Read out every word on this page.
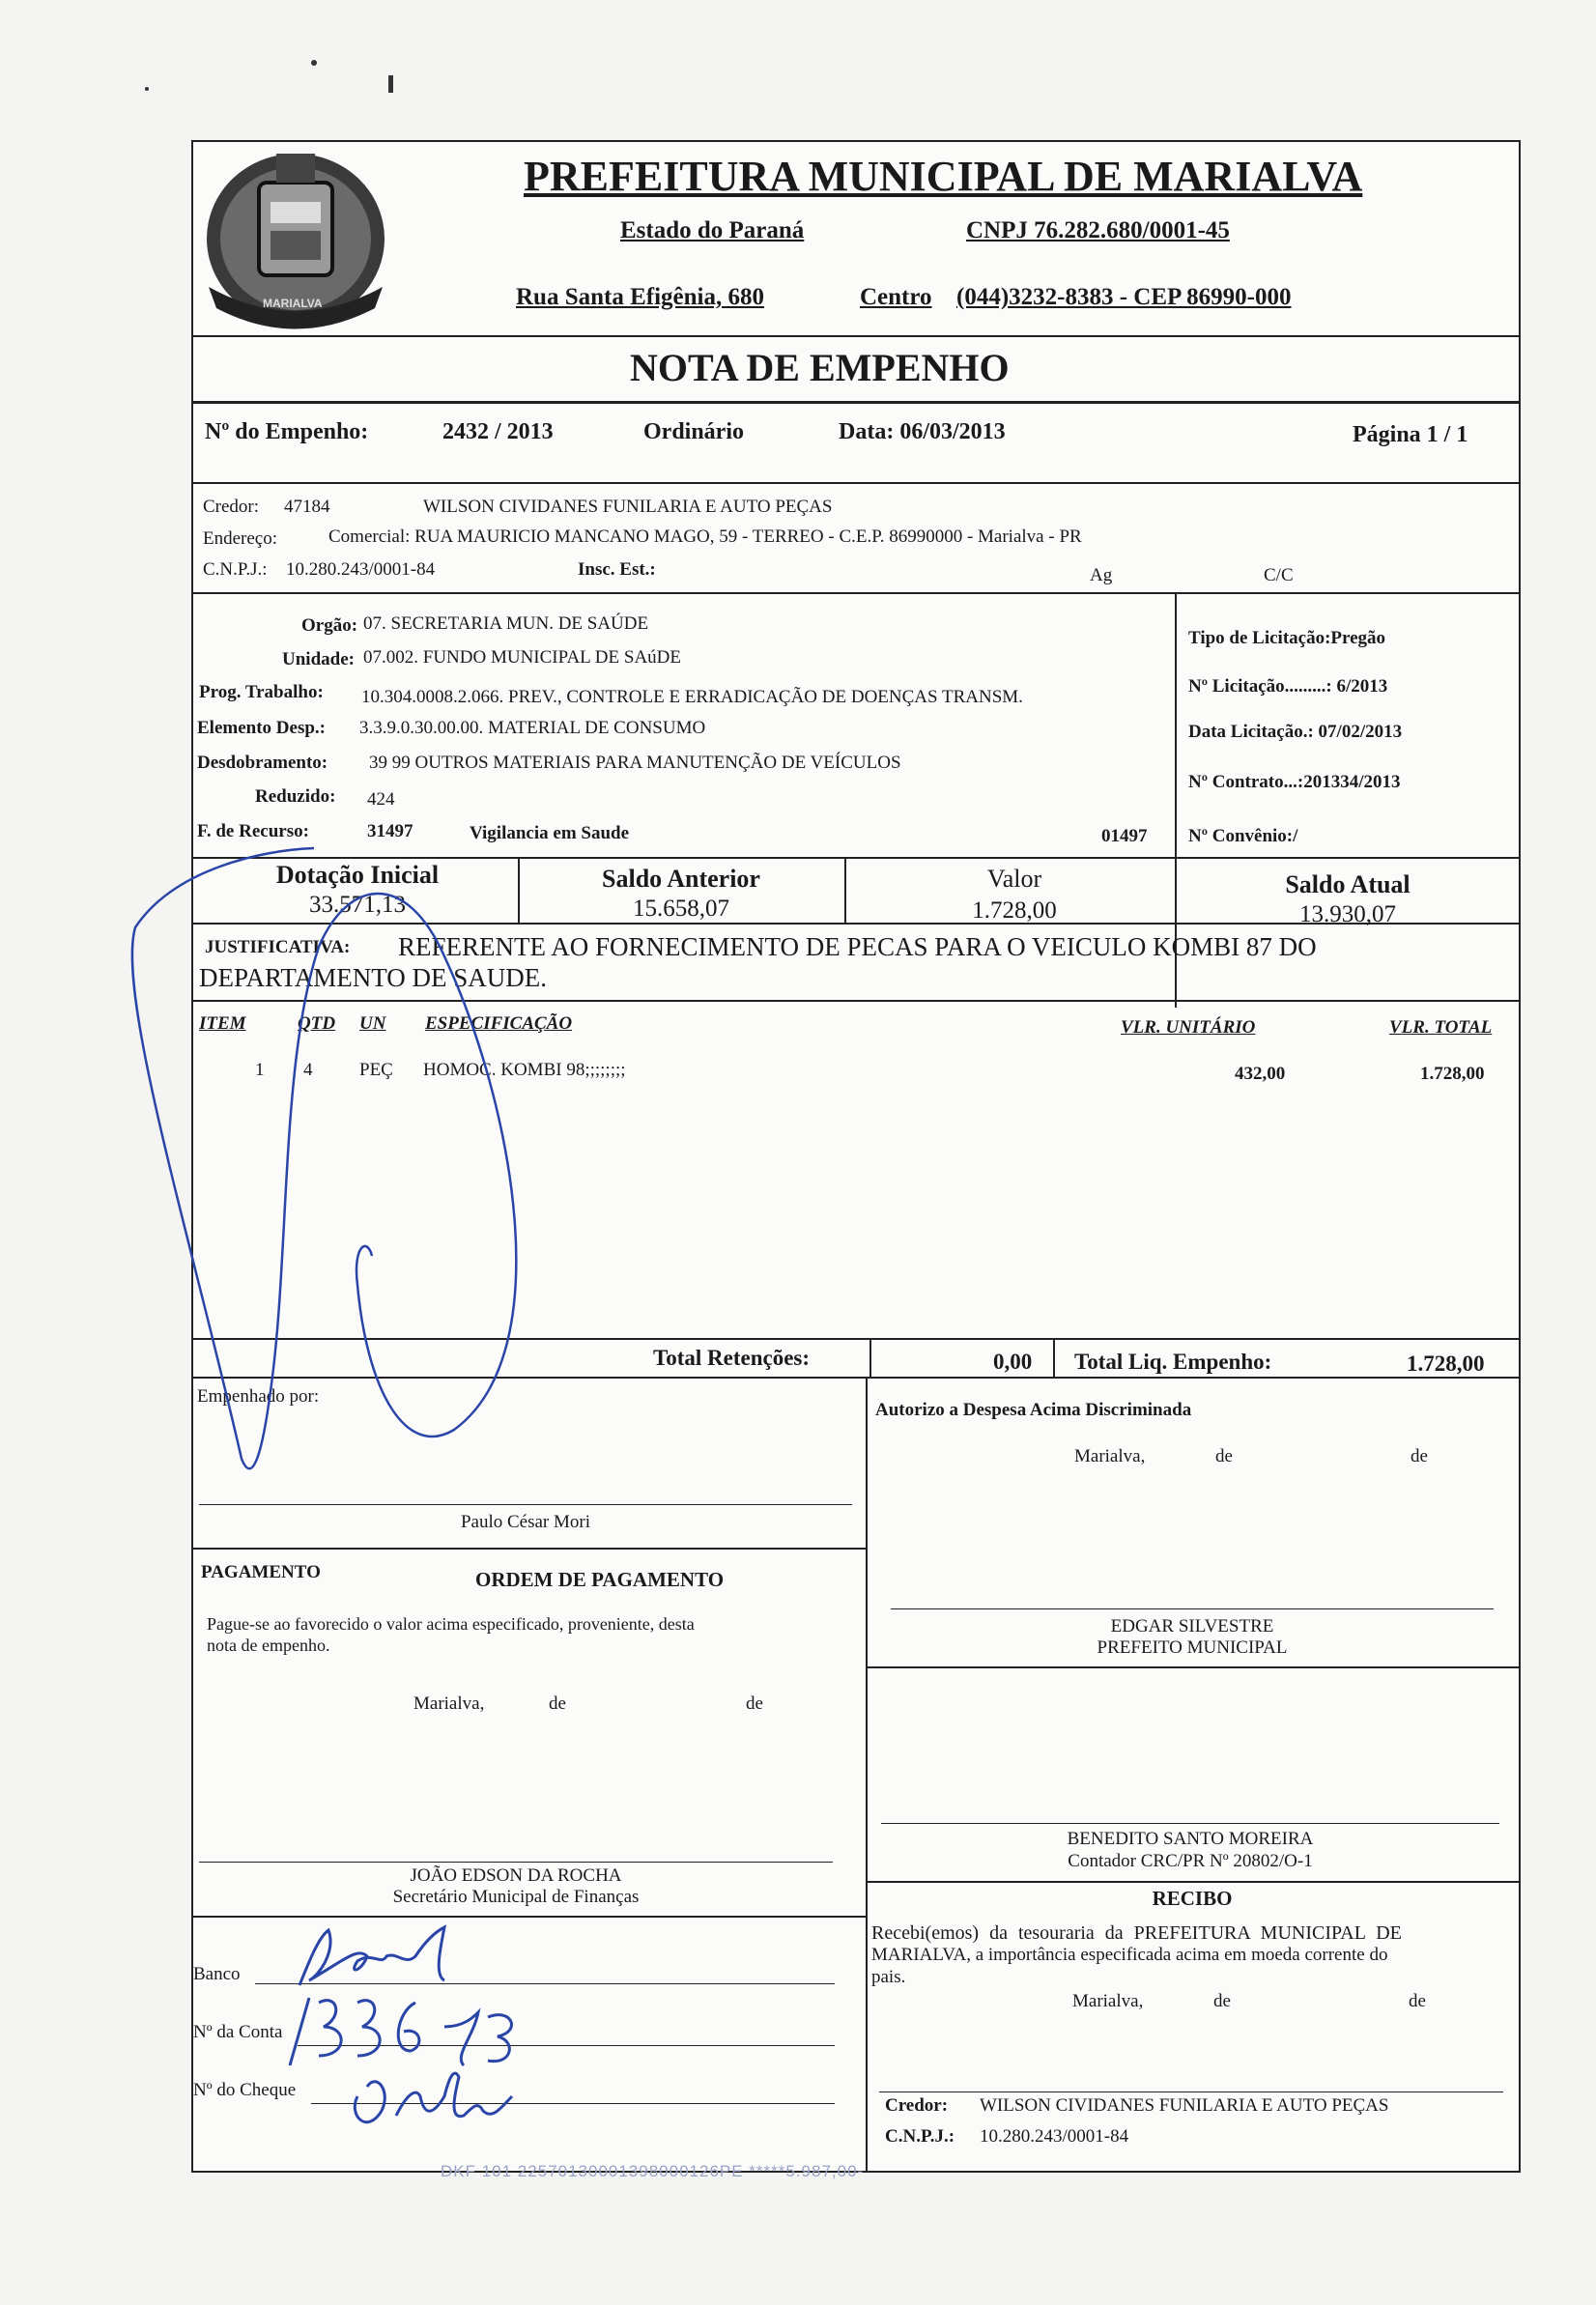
MARIALVA
PREFEITURA MUNICIPAL DE MARIALVA
Estado do Paraná	CNPJ 76.282.680/0001-45
Rua Santa Efigênia, 680	Centro (044)3232-8383 - CEP 86990-000
NOTA DE EMPENHO
Nº do Empenho:	2432 / 2013	Ordinário	Data: 06/03/2013	Página 1 / 1
Credor: 47184	WILSON CIVIDANES FUNILARIA E AUTO PEÇAS
Endereço:	Comercial: RUA MAURICIO MANCANO MAGO, 59 - TERREO - C.E.P. 86990000 - Marialva - PR
C.N.P.J.: 10.280.243/0001-84	Insc. Est.:	Ag	C/C
Orgão: 07. SECRETARIA MUN. DE SAÚDE
Unidade: 07.002. FUNDO MUNICIPAL DE SAúDE
Prog. Trabalho: 10.304.0008.2.066. PREV., CONTROLE E ERRADICAÇÃO DE DOENÇAS TRANSM.
Elemento Desp.: 3.3.9.0.30.00.00. MATERIAL DE CONSUMO
Desdobramento: 39 99 OUTROS MATERIAIS PARA MANUTENÇÃO DE VEÍCULOS
Reduzido: 424
F. de Recurso:	31497	Vigilancia em Saude	01497
Tipo de Licitação:Pregão
Nº Licitação.........: 6/2013
Data Licitação.: 07/02/2013
Nº Contrato...:201334/2013
Nº Convênio:/
Dotação Inicial
33.571,13
Saldo Anterior
15.658,07
Valor
1.728,00
Saldo Atual
13.930,07
JUSTIFICATIVA: REFERENTE AO FORNECIMENTO DE PECAS PARA O VEICULO KOMBI 87 DO
DEPARTAMENTO DE SAUDE.
ITEM	QTD UN ESPECIFICAÇÃO	VLR. UNITÁRIO	VLR. TOTAL
1 4	PEÇ HOMOC. KOMBI 98;;;;;;;;	432,00	1.728,00
Total Retenções:	0,00 Total Liq. Empenho:	1.728,00
Empenhado por:
Paulo César Mori
Autorizo a Despesa Acima Discriminada
Marialva,	de	de
PAGAMENTO	ORDEM DE PAGAMENTO
Pague-se ao favorecido o valor acima especificado, proveniente, desta
nota de empenho.
Marialva,	de	de
EDGAR SILVESTRE
PREFEITO MUNICIPAL
BENEDITO SANTO MOREIRA
Contador CRC/PR Nº 20802/O-1
JOÃO EDSON DA ROCHA
Secretário Municipal de Finanças	RECIBO
Recebi(emos) da tesouraria da PREFEITURA MUNICIPAL DE
MARIALVA, a importância especificada acima em moeda corrente do
pais.
Marialva,	de	de
Banco
Nº da Conta
Nº do Cheque
Credor: WILSON CIVIDANES FUNILARIA E AUTO PEÇAS
C.N.P.J.: 10.280.243/0001-84
DKF 101 22570130001398000126PE *****5.987,00-
